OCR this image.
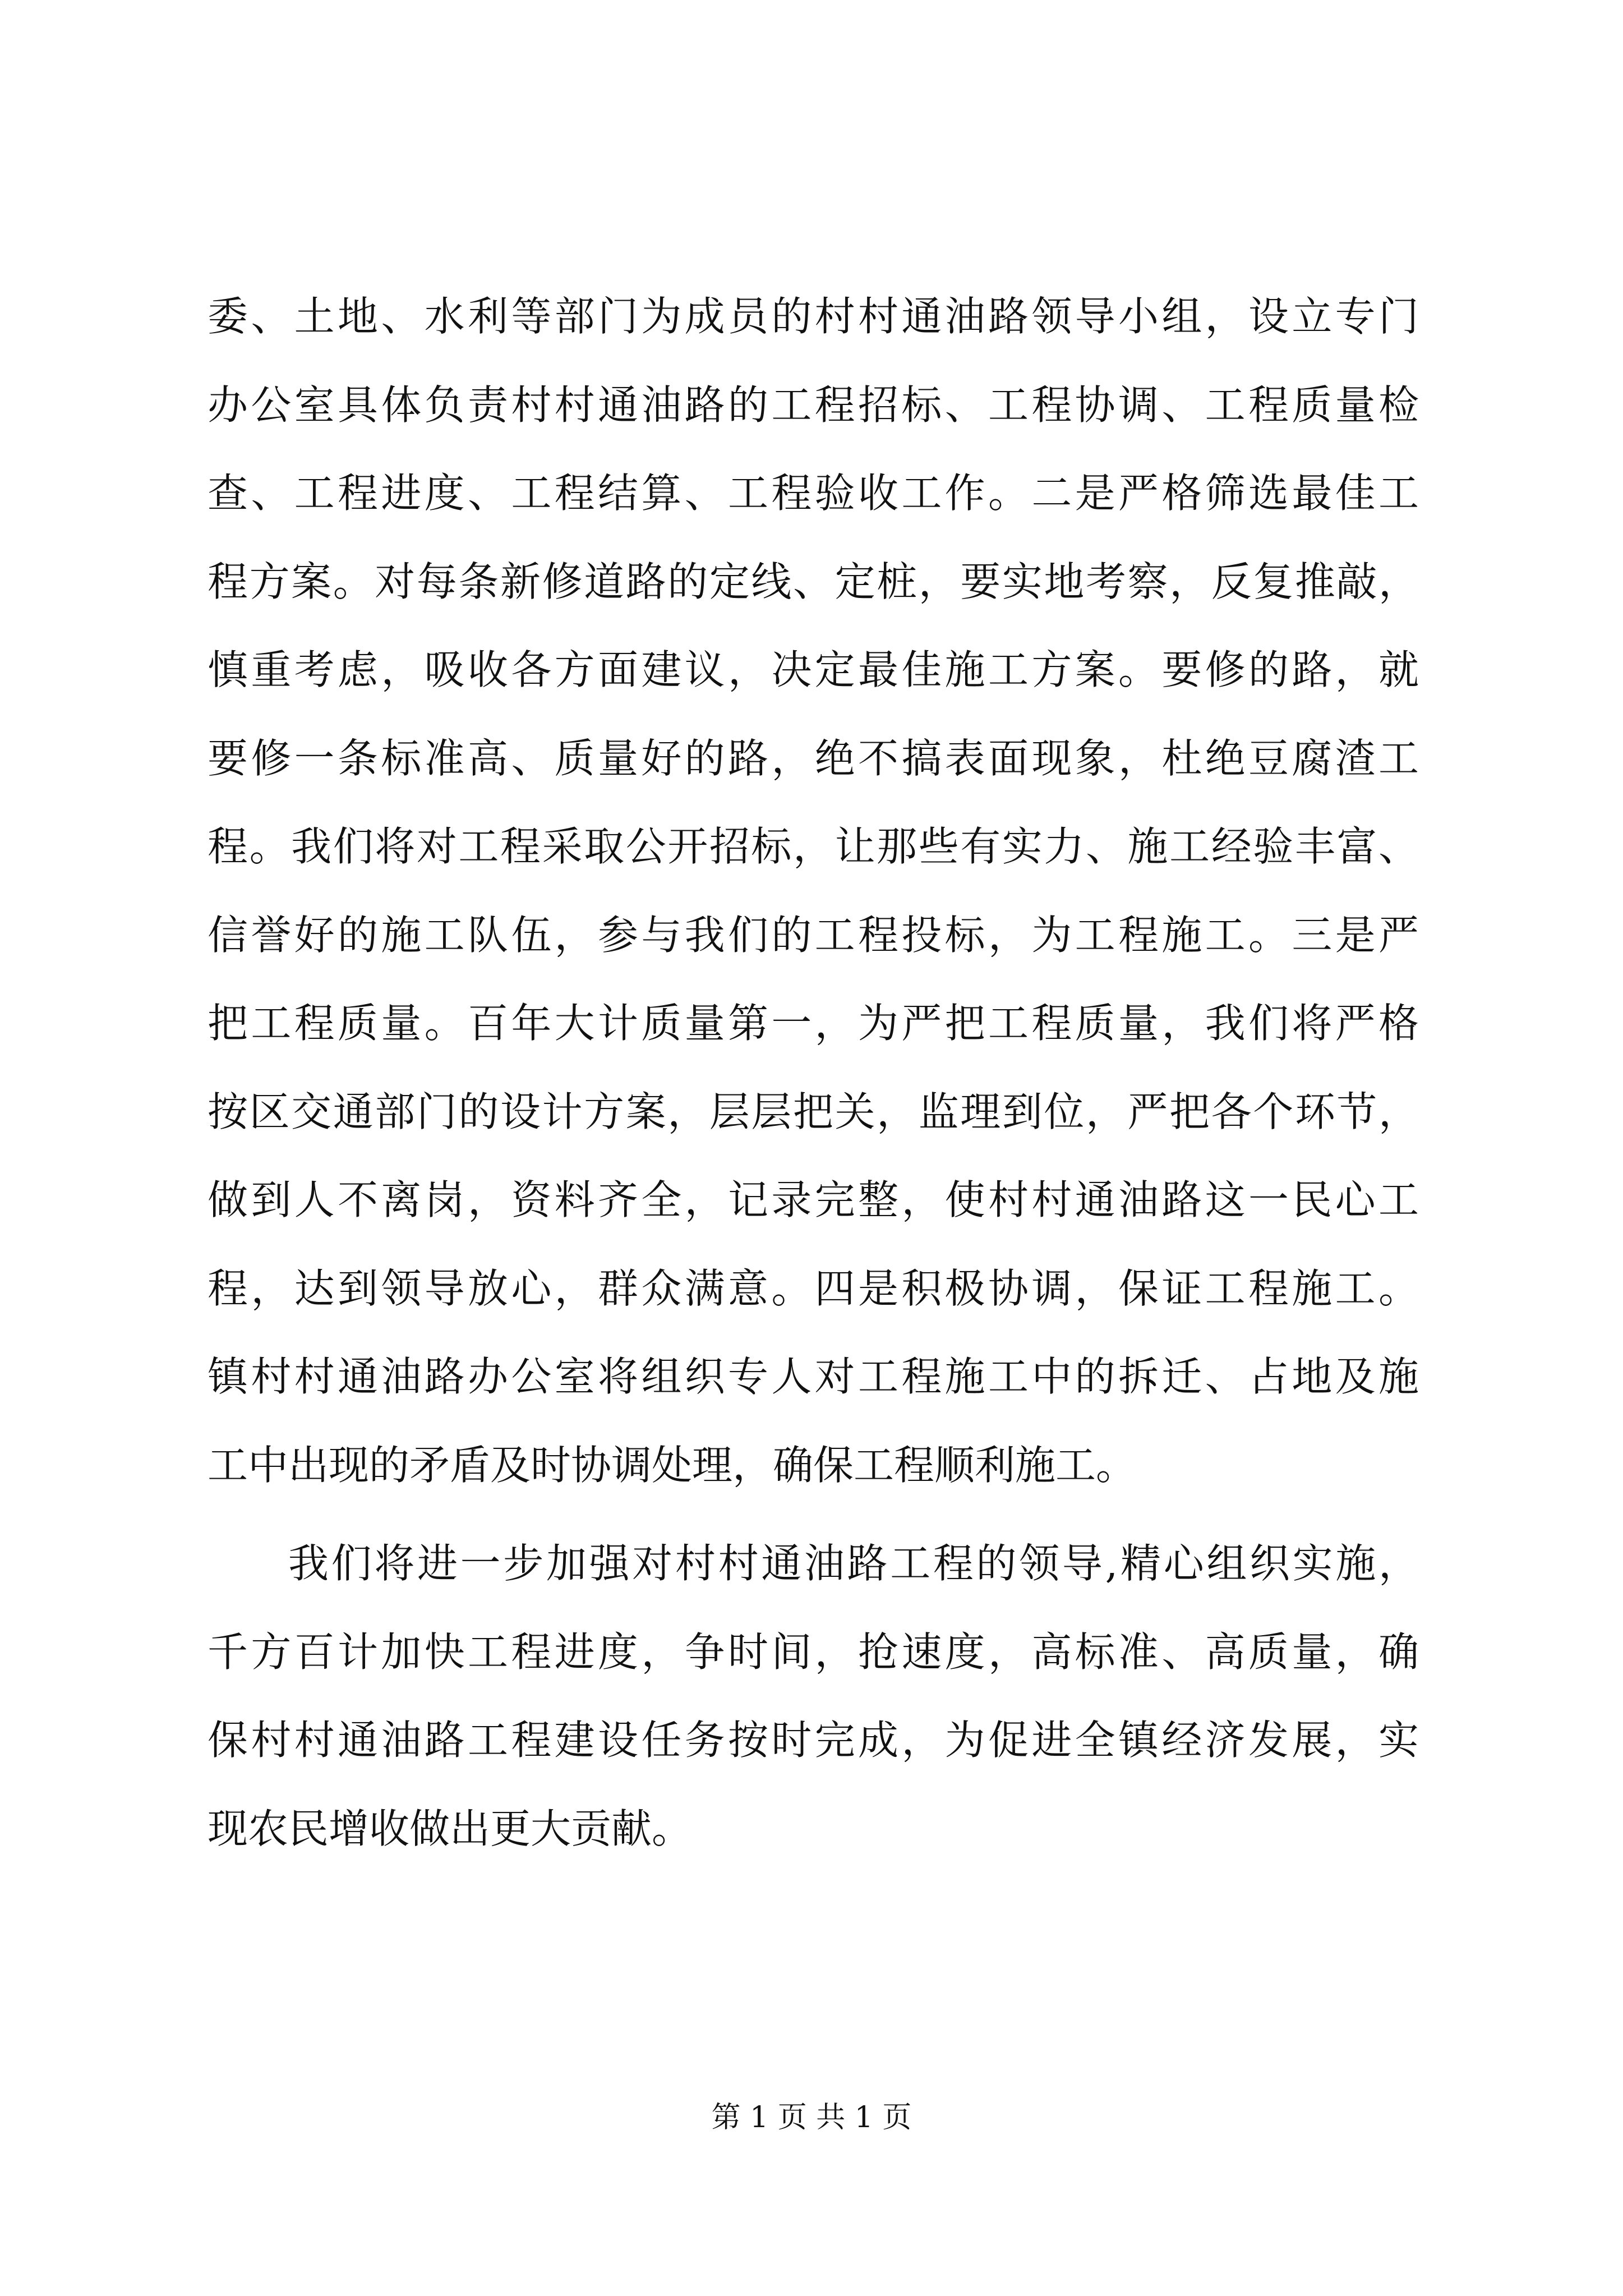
委、土地、水利等部门为成员的村村通油路领导小组，设立专门
办公室具体负责村村通油路的工程招标、工程协调、工程质量检
查、工程进度、工程结算、工程验收工作。二是严格筛选最佳工
程方案。对每条新修道路的定线、定桩，要实地考察，反复推敲，
慎重考虑，吸收各方面建议，决定最佳施工方案。要修的路，就
要修一条标准高、质量好的路，绝不搞表面现象，杜绝豆腐渣工
程。我们将对工程采取公开招标，让那些有实力、施工经验丰富、
信誉好的施工队伍，参与我们的工程投标，为工程施工。三是严
把工程质量。百年大计质量第一，为严把工程质量，我们将严格
按区交通部门的设计方案，层层把关，监理到位，严把各个环节，
做到人不离岗，资料齐全，记录完整，使村村通油路这一民心工
程，达到领导放心，群众满意。四是积极协调，保证工程施工。
镇村村通油路办公室将组织专人对工程施工中的拆迁、占地及施
工中出现的矛盾及时协调处理，确保工程顺利施工。
我们将进一步加强对村村通油路工程的领导,精心组织实施，
千方百计加快工程进度，争时间，抢速度，高标准、高质量，确
保村村通油路工程建设任务按时完成，为促进全镇经济发展，实
现农民增收做出更大贡献。
第 1 页 共 1 页
